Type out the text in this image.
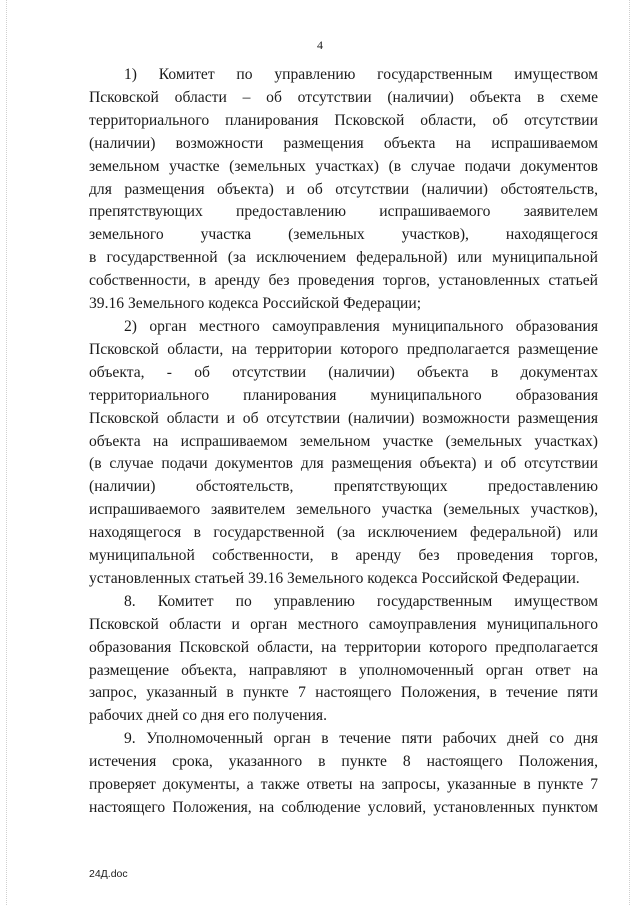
4

1) Комитет по управлению государственным имуществом

Псковской области – об отсутствии (наличии) объекта в схеме

территориального планирования Псковской области, об отсутствии

(наличии) возможности размещения объекта на испрашиваемом

земельном участке (земельных участках) (в случае подачи документов

для размещения объекта) и об отсутствии (наличии) обстоятельств,

препятствующих предоставлению испрашиваемого заявителем

земельного участка (земельных участков), находящегося

в государственной (за исключением федеральной) или муниципальной

собственности, в аренду без проведения торгов, установленных статьей

39.16 Земельного кодекса Российской Федерации;

2) орган местного самоуправления муниципального образования

Псковской области, на территории которого предполагается размещение

объекта, - об отсутствии (наличии) объекта в документах

территориального планирования муниципального образования

Псковской области и об отсутствии (наличии) возможности размещения

объекта на испрашиваемом земельном участке (земельных участках)

(в случае подачи документов для размещения объекта) и об отсутствии

(наличии) обстоятельств, препятствующих предоставлению

испрашиваемого заявителем земельного участка (земельных участков),

находящегося в государственной (за исключением федеральной) или

муниципальной собственности, в аренду без проведения торгов,

установленных статьей 39.16 Земельного кодекса Российской Федерации.

8. Комитет по управлению государственным имуществом

Псковской области и орган местного самоуправления муниципального

образования Псковской области, на территории которого предполагается

размещение объекта, направляют в уполномоченный орган ответ на

запрос, указанный в пункте 7 настоящего Положения, в течение пяти

рабочих дней со дня его получения.

9. Уполномоченный орган в течение пяти рабочих дней со дня

истечения срока, указанного в пункте 8 настоящего Положения,

проверяет документы, а также ответы на запросы, указанные в пункте 7

настоящего Положения, на соблюдение условий, установленных пунктом

24Д.doc
